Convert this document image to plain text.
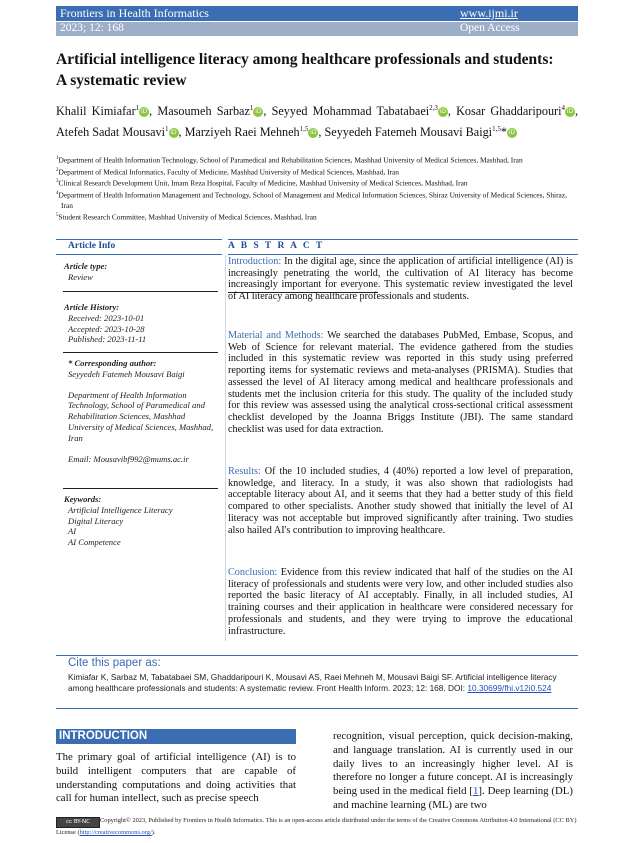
Frontiers in Health Informatics	www.ijmi.ir
2023; 12: 168	Open Access
Artificial intelligence literacy among healthcare professionals and students:
A systematic review
Khalil Kimiafar$^1$ iD , Masoumeh Sarbaz$^1$ iD , Seyyed Mohammad Tabatabaei$^{2,3}$ iD , Kosar Ghaddaripouri$^4$ iD , Atefeh Sadat Mousavi$^1$ iD , Marziyeh Raei Mehneh$^{1,5}$ iD , Seyyedeh Fatemeh Mousavi Baigi$^{1,5}$* iD
$^1$Department of Health Information Technology, School of Paramedical and Rehabilitation Sciences, Mashhad University of Medical Sciences, Mashhad, Iran
$^2$Department of Medical Informatics, Faculty of Medicine, Mashhad University of Medical Sciences, Mashhad, Iran
$^3$Clinical Research Development Unit, Imam Reza Hospital, Faculty of Medicine, Mashhad University of Medical Sciences, Mashhad, Iran
$^4$Department of Health Information Management and Technology, School of Management and Medical Information Sciences, Shiraz University of Medical Sciences, Shiraz, Iran
$^5$Student Research Committee, Mashhad University of Medical Sciences, Mashhad, Iran
Article Info	A B S T R A C T
Article type:
Review
Article History:
Received: 2023-10-01
Accepted: 2023-10-28
Published: 2023-11-11
* Corresponding author:
Seyyedeh Fatemeh Mousavi Baigi
Department of Health Information Technology, School of Paramedical and Rehabilitation Sciences, Mashhad University of Medical Sciences, Mashhad, Iran
Email: Mousavibf992@mums.ac.ir
Keywords:
Artificial Intelligence Literacy
Digital Literacy
AI
AI Competence
Introduction: In the digital age, since the application of artificial intelligence (AI) is increasingly penetrating the world, the cultivation of AI literacy has become increasingly important for everyone. This systematic review investigated the level of AI literacy among healthcare professionals and students.
Material and Methods: We searched the databases PubMed, Embase, Scopus, and Web of Science for relevant material. The evidence gathered from the studies included in this systematic review was reported in this study using preferred reporting items for systematic reviews and meta-analyses (PRISMA). Studies that assessed the level of AI literacy among medical and healthcare professionals and students met the inclusion criteria for this study. The quality of the included study for this review was assessed using the analytical cross-sectional critical assessment checklist developed by the Joanna Briggs Institute (JBI). The same standard checklist was used for data extraction.
Results: Of the 10 included studies, 4 (40%) reported a low level of preparation, knowledge, and literacy. In a study, it was also shown that radiologists had acceptable literacy about AI, and it seems that they had a better study of this field compared to other specialists. Another study showed that initially the level of AI literacy was not acceptable but improved significantly after training. Two studies also hailed AI's contribution to improving healthcare.
Conclusion: Evidence from this review indicated that half of the studies on the AI literacy of professionals and students were very low, and other included studies also reported the basic literacy of AI acceptably. Finally, in all included studies, AI training courses and their application in healthcare were considered necessary for professionals and students, and they were trying to improve the educational infrastructure.
Cite this paper as:
Kimiafar K, Sarbaz M, Tabatabaei SM, Ghaddaripouri K, Mousavi AS, Raei Mehneh M, Mousavi Baigi SF. Artificial intelligence literacy among healthcare professionals and students: A systematic review. Front Health Inform. 2023; 12: 168. DOI: 10.30699/fhi.v12i0.524
INTRODUCTION
The primary goal of artificial intelligence (AI) is to build intelligent computers that are capable of understanding computations and doing activities that call for human intellect, such as precise speech
recognition, visual perception, quick decision-making, and language translation. AI is currently used in our daily lives to an increasingly higher level. AI is therefore no longer a future concept. AI is increasingly being used in the medical field [1]. Deep learning (DL) and machine learning (ML) are two
cc BY-NC Copyright© 2023, Published by Frontiers in Health Informatics. This is an open-access article distributed under the terms of the Creative Commons Attribution 4.0 International (CC BY) License (http://creativecommons.org/).
